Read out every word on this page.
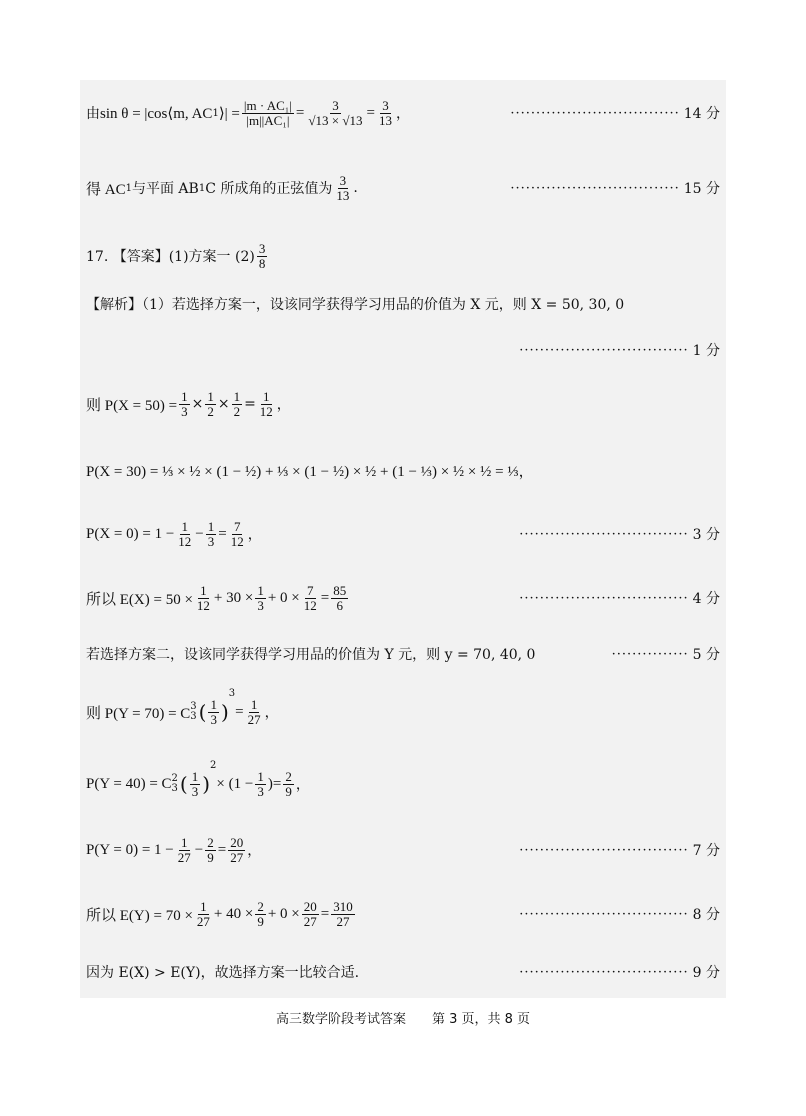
由 sin θ = |cos⟨m, AC 1 ⟩| = $\frac{\text{|m · AC₁|}}{\text{|m||AC₁|}} = \frac{3}{√13 \times √13} = \frac{3}{13}$ ，	································· 14 分
得 AC 1 与平面 AB 1 C 所成角的正弦值为 $\frac{3}{13}$ .	································· 15 分
17. 【答案】(1)方案一 $(2) \frac{3}{8}$
【解析】（1）若选择方案一，设该同学获得学习用品的价值为 X 元，则 X = 50, 30, 0
································· 1 分
则 $P(X = 50) = \frac{1}{3} \times \frac{1}{2} \times \frac{1}{2} = \frac{1}{12}$ ，
P(X = 30) = ⅓ × ½ × (1 − ½) + ⅓ × (1 − ½) × ½ + (1 − ⅓) × ½ × ½ = ⅓，
$P(X = 0) = 1 - \frac{1}{12} - \frac{1}{3} = \frac{7}{12}$ ，	································· 3 分
所以 $E(X) = 50 \times \frac{1}{12} + 30 \times \frac{1}{3} + 0 \times \frac{7}{12} = \frac{85}{6}$	································· 4 分
若选择方案二，设该同学获得学习用品的价值为 Y 元，则 y = 70, 40, 0	··············· 5 分
则 P(Y = 70) = C 3
3 ( $\frac{1}{3}$ )
3
= $\frac{1}{27}$ ，
P(Y = 40) = C 2
3 ( $\frac{1}{3}$ )
2
× ($1 - \frac{1}{3}$ ) = $\frac{2}{9}$ ，
$P(Y = 0) = 1 - \frac{1}{27} - \frac{2}{9} = \frac{20}{27}$ ，	································· 7 分
所以 $E(Y) = 70 \times \frac{1}{27} + 40 \times \frac{2}{9} + 0 \times \frac{20}{27} = \frac{310}{27}$	································· 8 分
因为 E(X) > E(Y)，故选择方案一比较合适.	································· 9 分
高三数学阶段考试答案　　第 3 页，共 8 页
